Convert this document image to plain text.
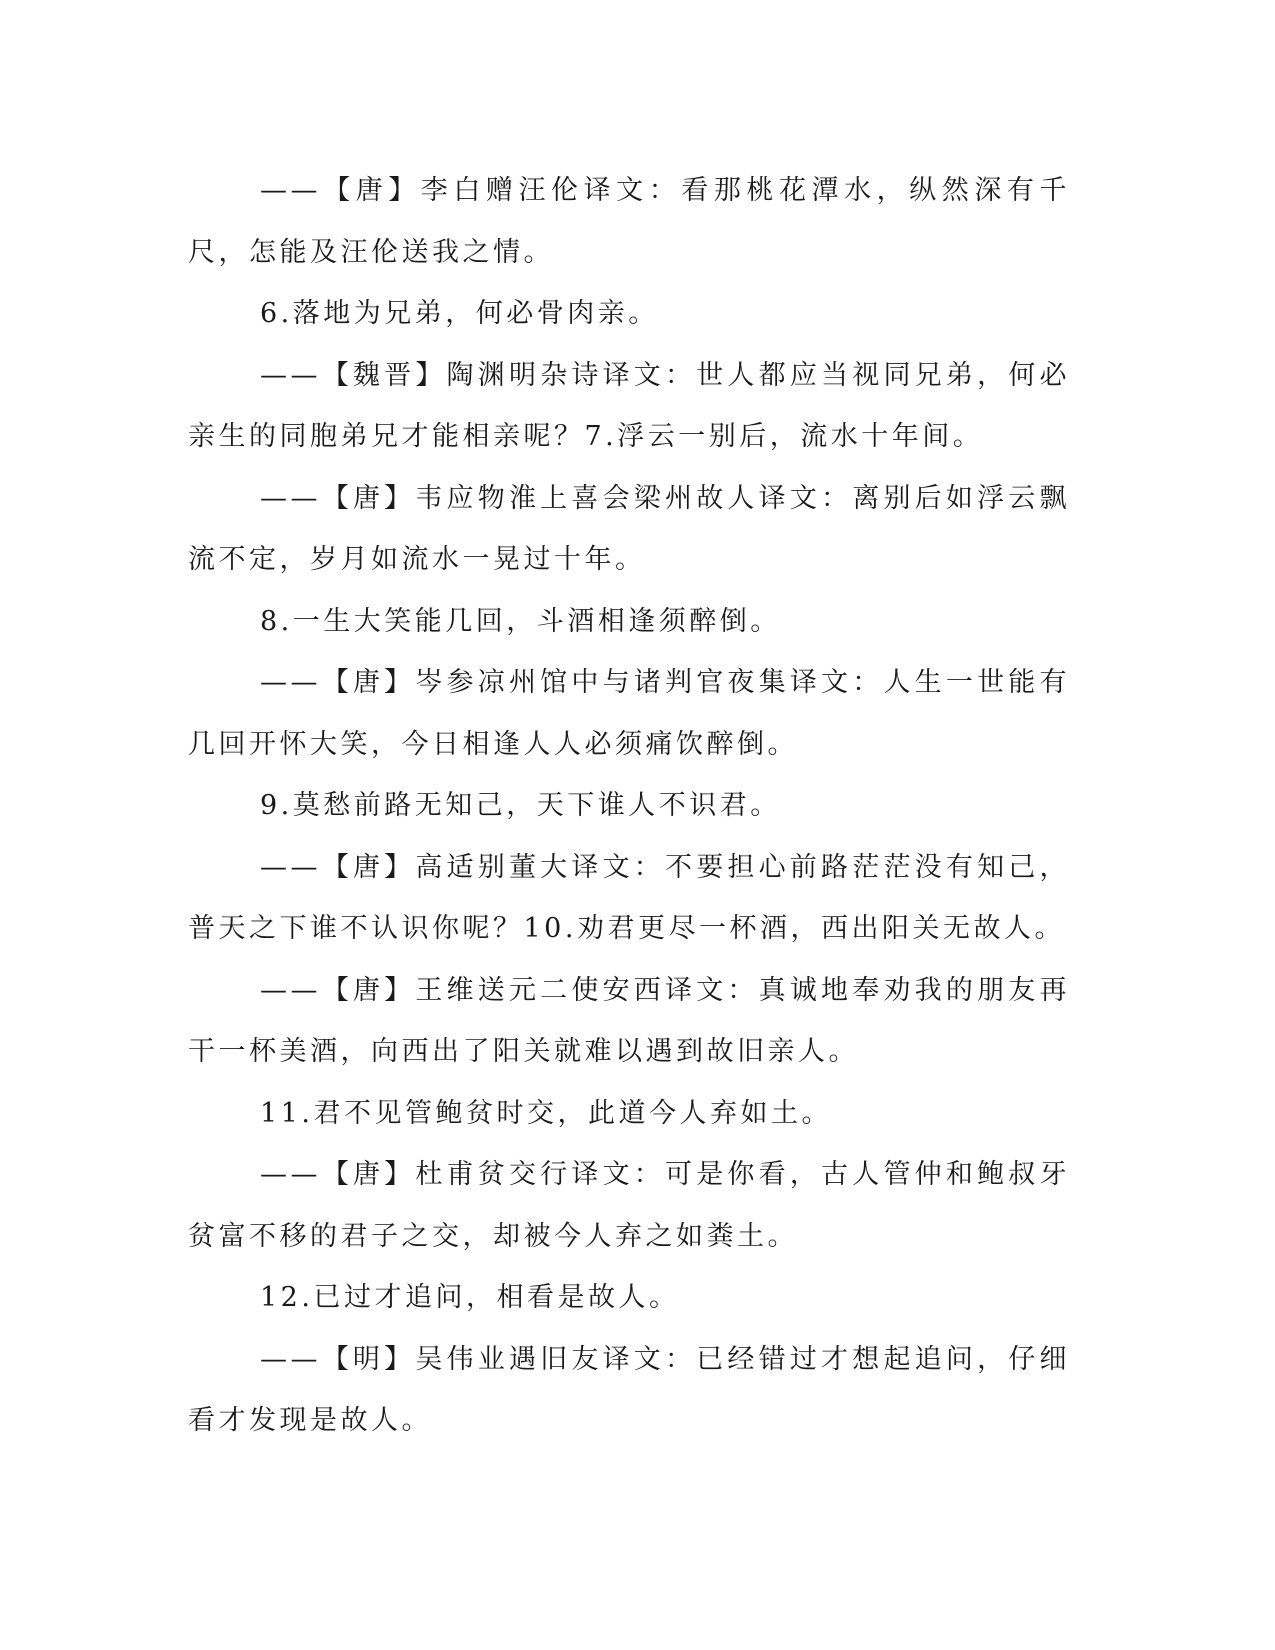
——【唐】李白赠汪伦译文：看那桃花潭水，纵然深有千尺，怎能及汪伦送我之情。

6.落地为兄弟，何必骨肉亲。

——【魏晋】陶渊明杂诗译文：世人都应当视同兄弟，何必亲生的同胞弟兄才能相亲呢？7.浮云一别后，流水十年间。

——【唐】韦应物淮上喜会梁州故人译文：离别后如浮云飘流不定，岁月如流水一晃过十年。

8.一生大笑能几回，斗酒相逢须醉倒。

——【唐】岑参凉州馆中与诸判官夜集译文：人生一世能有几回开怀大笑，今日相逢人人必须痛饮醉倒。

9.莫愁前路无知己，天下谁人不识君。

——【唐】高适别董大译文：不要担心前路茫茫没有知己，普天之下谁不认识你呢？10.劝君更尽一杯酒，西出阳关无故人。

——【唐】王维送元二使安西译文：真诚地奉劝我的朋友再干一杯美酒，向西出了阳关就难以遇到故旧亲人。

11.君不见管鲍贫时交，此道今人弃如土。

——【唐】杜甫贫交行译文：可是你看，古人管仲和鲍叔牙贫富不移的君子之交，却被今人弃之如粪土。

12.已过才追问，相看是故人。

——【明】吴伟业遇旧友译文：已经错过才想起追问，仔细看才发现是故人。
